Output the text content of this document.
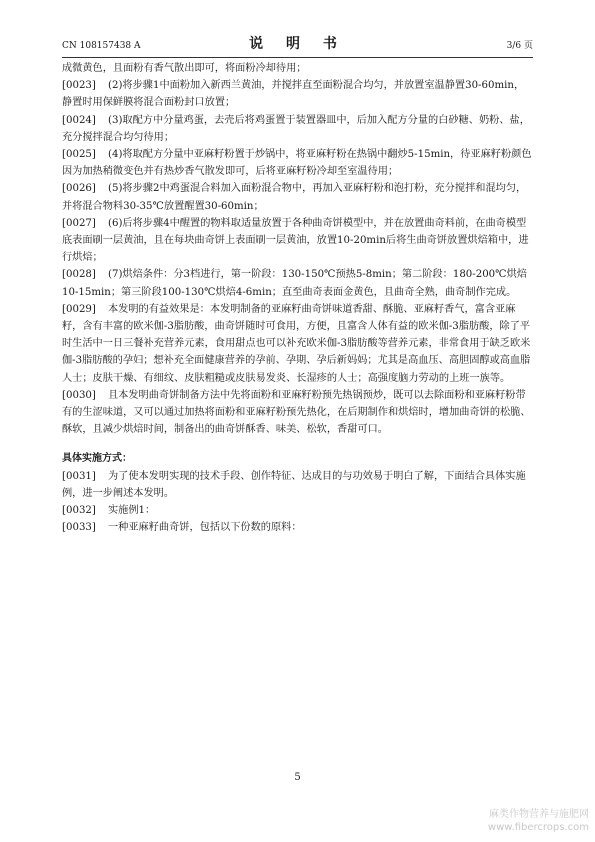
CN 108157438 A	说 明 书	3/6 页

成微黄色，且面粉有香气散出即可，将面粉冷却待用；

[0023] (2)将步骤1中面粉加入新西兰黄油，并搅拌直至面粉混合均匀，并放置室温静置30-60min，静置时用保鲜膜将混合面粉封口放置；

[0024] (3)取配方中分量鸡蛋，去壳后将鸡蛋置于装置器皿中，后加入配方分量的白砂糖、奶粉、盐，充分搅拌混合均匀待用；

[0025] (4)将取配方分量中亚麻籽粉置于炒锅中，将亚麻籽粉在热锅中翻炒5-15min，待亚麻籽粉颜色因为加热稍微变色并有热炒香气散发即可，后将亚麻籽粉冷却至室温待用；

[0026] (5)将步骤2中鸡蛋混合料加入面粉混合物中，再加入亚麻籽粉和泡打粉，充分搅拌和混均匀，并将混合物料30-35℃放置醒置30-60min；

[0027] (6)后将步骤4中醒置的物料取适量放置于各种曲奇饼模型中，并在放置曲奇料前，在曲奇模型底表面刷一层黄油，且在每块曲奇饼上表面刷一层黄油，放置10-20min后将生曲奇饼放置烘焙箱中，进行烘焙；

[0028] (7)烘焙条件：分3档进行，第一阶段：130-150℃预热5-8min；第二阶段：180-200℃烘焙10-15min；第三阶段100-130℃烘焙4-6min；直至曲奇表面金黄色，且曲奇全熟，曲奇制作完成。

[0029] 本发明的有益效果是：本发明制备的亚麻籽曲奇饼味道香甜、酥脆、亚麻籽香气，富含亚麻籽，含有丰富的欧米伽-3脂肪酸，曲奇饼随时可食用，方便，且富含人体有益的欧米伽-3脂肪酸，除了平时生活中一日三餐补充营养元素，食用甜点也可以补充欧米伽-3脂肪酸等营养元素，非常食用于缺乏欧米伽-3脂肪酸的孕妇；想补充全面健康营养的孕前、孕期、孕后新妈妈；尤其是高血压、高胆固醇或高血脂人士；皮肤干燥、有细纹、皮肤粗糙或皮肤易发炎、长湿疹的人士；高强度脑力劳动的上班一族等。

[0030] 且本发明曲奇饼制备方法中先将面粉和亚麻籽粉预先热锅预炒，既可以去除面粉和亚麻籽粉带有的生涩味道，又可以通过加热将面粉和亚麻籽粉预先热化，在后期制作和烘焙时，增加曲奇饼的松脆、酥软，且减少烘焙时间，制备出的曲奇饼酥香、味美、松软，香甜可口。

具体实施方式：

[0031] 为了使本发明实现的技术手段、创作特征、达成目的与功效易于明白了解，下面结合具体实施例，进一步阐述本发明。

[0032] 实施例1：

[0033] 一种亚麻籽曲奇饼，包括以下份数的原料：

5
麻类作物营养与施肥网
www.fibercrops.com
